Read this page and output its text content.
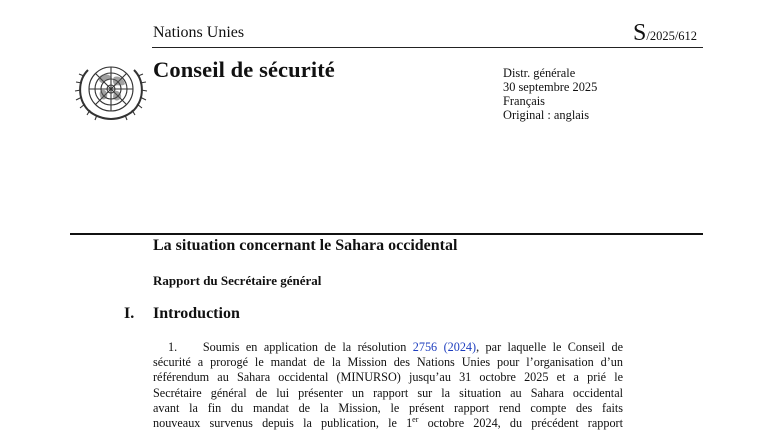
Nations Unies	S/2025/612
Conseil de sécurité	Distr. générale
30 septembre 2025
Français
Original : anglais
La situation concernant le Sahara occidental
Rapport du Secrétaire général
I. Introduction
1.    Soumis en application de la résolution 2756 (2024), par laquelle le Conseil de
sécurité a prorogé le mandat de la Mission des Nations Unies pour l’organisation d’un
référendum au Sahara occidental (MINURSO) jusqu’au 31 octobre 2025 et a prié le
Secrétaire général de lui présenter un rapport sur la situation au Sahara occidental
avant la fin du mandat de la Mission, le présent rapport rend compte des faits
nouveaux survenus depuis la publication, le 1er octobre 2024, du précédent rapport
